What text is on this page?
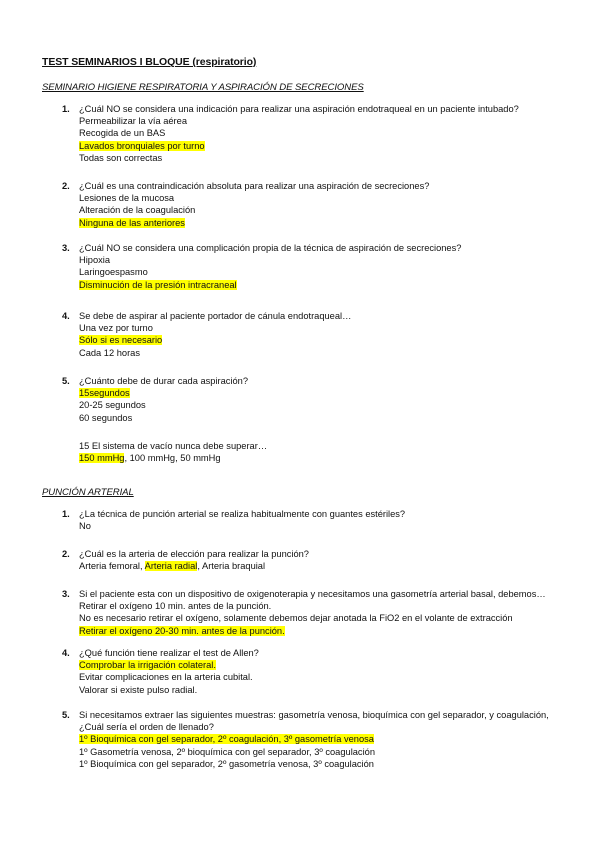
TEST SEMINARIOS I BLOQUE (respiratorio)
SEMINARIO HIGIENE RESPIRATORIA Y ASPIRACIÓN DE SECRECIONES
1. ¿Cuál NO se considera una indicación para realizar una aspiración endotraqueal en un paciente intubado?
Permeabilizar la vía aérea
Recogida de un BAS
Lavados bronquiales por turno
Todas son correctas
2. ¿Cuál es una contraindicación absoluta para realizar una aspiración de secreciones?
Lesiones de la mucosa
Alteración de la coagulación
Ninguna de las anteriores
3. ¿Cuál NO se considera una complicación propia de la técnica de aspiración de secreciones?
Hipoxia
Laringoespasmo
Disminución de la presión intracraneal
4. Se debe de aspirar al paciente portador de cánula endotraqueal…
Una vez por turno
Sólo si es necesario
Cada 12 horas
5. ¿Cuánto debe de durar cada aspiración?
15segundos
20-25 segundos
60 segundos
15 El sistema de vacío nunca debe superar…
150 mmHg, 100 mmHg, 50 mmHg
PUNCIÓN ARTERIAL
1. ¿La técnica de punción arterial se realiza habitualmente con guantes estériles?
No
2. ¿Cuál es la arteria de elección para realizar la punción?
Arteria femoral, Arteria radial, Arteria braquial
3. Si el paciente esta con un dispositivo de oxigenoterapia y necesitamos una gasometría arterial basal, debemos…
Retirar el oxígeno 10 min. antes de la punción.
No es necesario retirar el oxígeno, solamente debemos dejar anotada la FiO2 en el volante de extracción
Retirar el oxígeno 20-30 min. antes de la punción.
4. ¿Qué función tiene realizar el test de Allen?
Comprobar la irrigación colateral.
Evitar complicaciones en la arteria cubital.
Valorar si existe pulso radial.
5. Si necesitamos extraer las siguientes muestras: gasometría venosa, bioquímica con gel separador, y coagulación, ¿Cuál sería el orden de llenado?
1º Bioquímica con gel separador, 2º coagulación, 3º gasometría venosa
1º Gasometría venosa, 2º bioquímica con gel separador, 3º coagulación
1º Bioquímica con gel separador, 2º gasometría venosa, 3º coagulación
